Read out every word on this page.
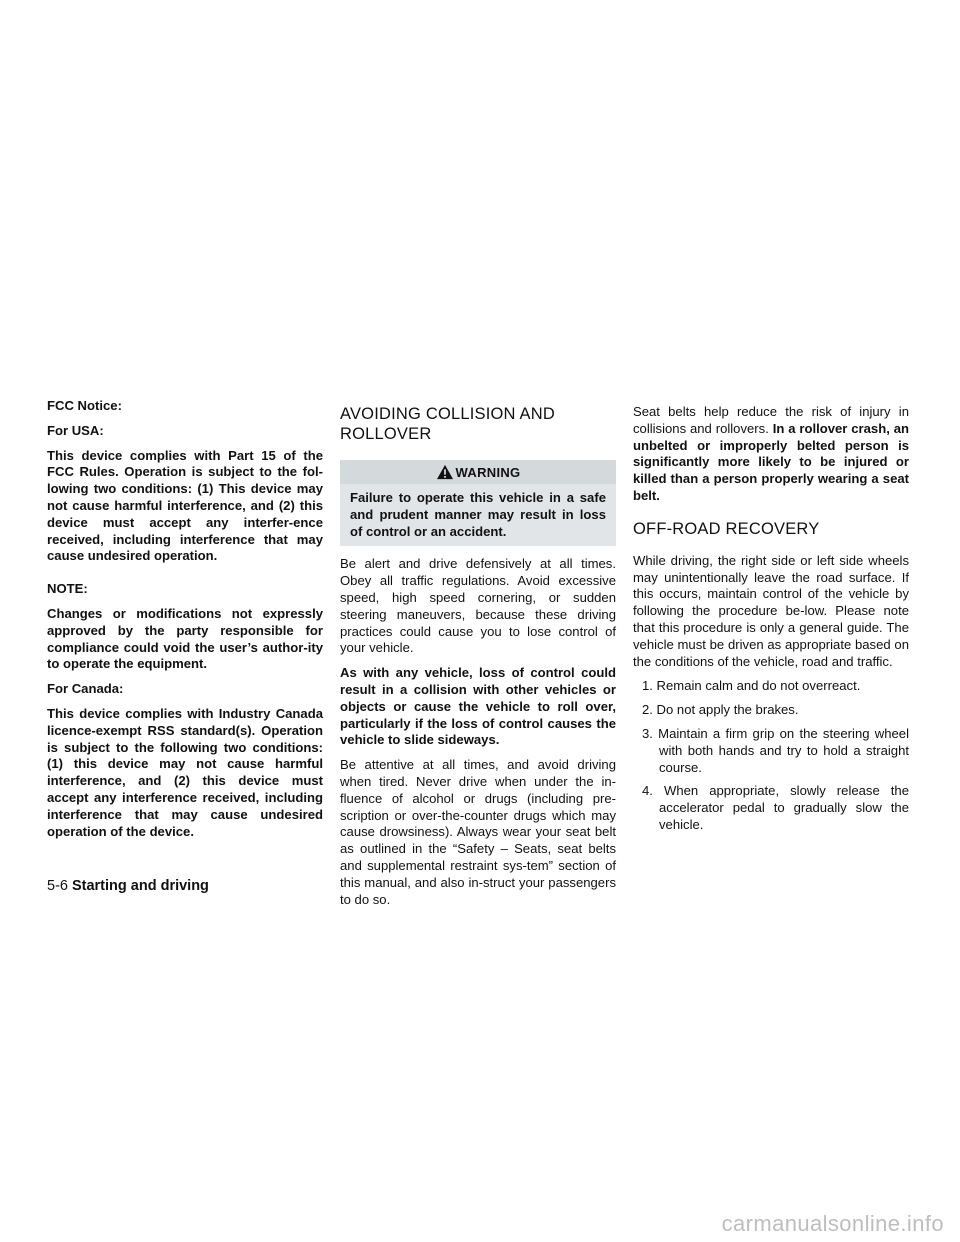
FCC Notice:

For USA:

This device complies with Part 15 of the FCC Rules. Operation is subject to the fol-lowing two conditions: (1) This device may not cause harmful interference, and (2) this device must accept any interfer-ence received, including interference that may cause undesired operation.

NOTE:

Changes or modifications not expressly approved by the party responsible for compliance could void the user’s author-ity to operate the equipment.

For Canada:

This device complies with Industry Canada licence-exempt RSS standard(s). Operation is subject to the following two conditions: (1) this device may not cause harmful interference, and (2) this device must accept any interference received, including interference that may cause undesired operation of the device.

AVOIDING COLLISION AND ROLLOVER
WARNING
Failure to operate this vehicle in a safe and prudent manner may result in loss of control or an accident.

Be alert and drive defensively at all times. Obey all traffic regulations. Avoid excessive speed, high speed cornering, or sudden steering maneuvers, because these driving practices could cause you to lose control of your vehicle.

As with any vehicle, loss of control could result in a collision with other vehicles or objects or cause the vehicle to roll over, particularly if the loss of control causes the vehicle to slide sideways.

Be attentive at all times, and avoid driving when tired. Never drive when under the in-fluence of alcohol or drugs (including pre-scription or over-the-counter drugs which may cause drowsiness). Always wear your seat belt as outlined in the “Safety – Seats, seat belts and supplemental restraint sys-tem” section of this manual, and also in-struct your passengers to do so.

Seat belts help reduce the risk of injury in collisions and rollovers. In a rollover crash, an unbelted or improperly belted person is significantly more likely to be injured or killed than a person properly wearing a seat belt.

OFF-ROAD RECOVERY

While driving, the right side or left side wheels may unintentionally leave the road surface. If this occurs, maintain control of the vehicle by following the procedure be-low. Please note that this procedure is only a general guide. The vehicle must be driven as appropriate based on the conditions of the vehicle, road and traffic.

1. Remain calm and do not overreact.
2. Do not apply the brakes.
3. Maintain a firm grip on the steering wheel with both hands and try to hold a straight course.
4. When appropriate, slowly release the accelerator pedal to gradually slow the vehicle.
5-6 Starting and driving
carmanualsonline.info
